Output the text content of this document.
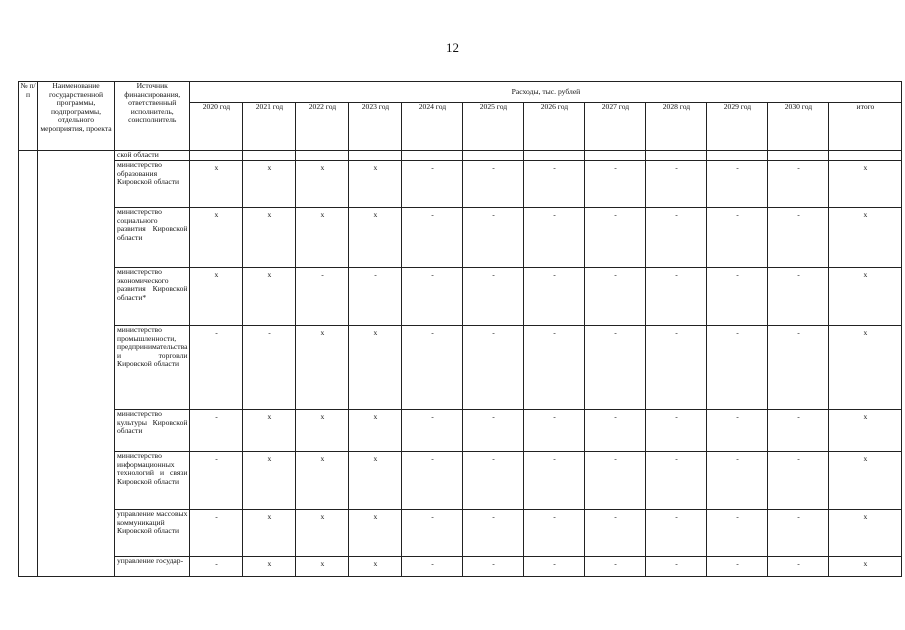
12
№ п/п	Наименование государственной программы, подпрограммы, отдельного мероприятия, проекта	Источник финансирования, ответственный исполнитель, соисполнитель	Расходы, тыс. рублей											
			2020 год	2021 год	2022 год	2023 год	2024 год	2025 год	2026 год	2027 год	2028 год	2029 год	2030 год	итого
		ской области												
		министерство образования Кировской области	х	х	х	х	-	-	-	-	-	-	-	х
		министерство социального развития Кировской области	х	х	х	х	-	-	-	-	-	-	-	х
		министерство экономического развития Кировской области*	х	х	-	-	-	-	-	-	-	-	-	х
		министерство промышленности, предпринимательства и торговли Кировской области	-	-	х	х	-	-	-	-	-	-	-	х
		министерство культуры Кировской области	-	х	х	х	-	-	-	-	-	-	-	х
		министерство информационных технологий и связи Кировской области	-	х	х	х	-	-	-	-	-	-	-	х
		управление массовых коммуникаций Кировской области	-	х	х	х	-	-	-	-	-	-	-	х
		управление государ-	-	х	х	х	-	-	-	-	-	-	-	х
